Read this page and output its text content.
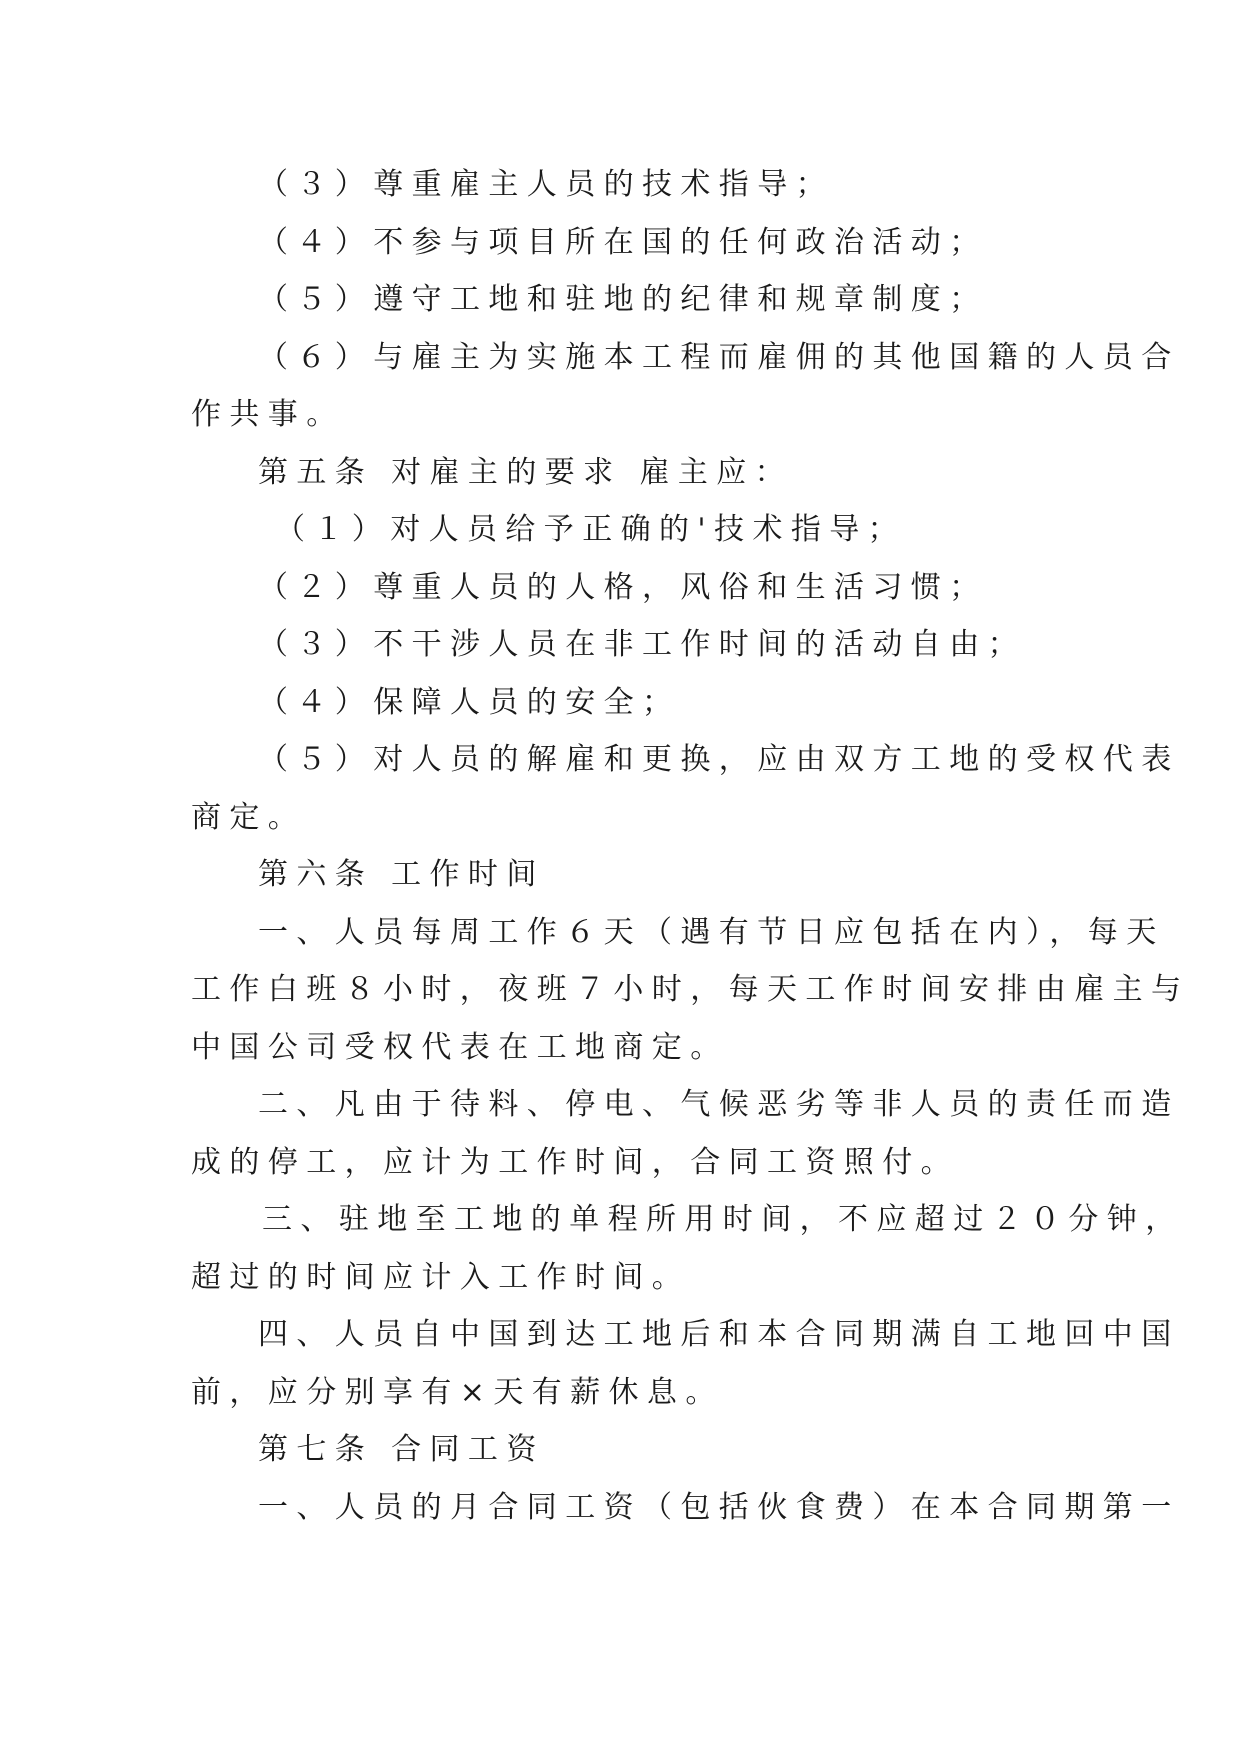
（３）尊重雇主人员的技术指导；
（４）不参与项目所在国的任何政治活动；
（５）遵守工地和驻地的纪律和规章制度；
（６）与雇主为实施本工程而雇佣的其他国籍的人员合
作共事。
第五条 对雇主的要求 雇主应：
（１）对人员给予正确的'技术指导；
（２）尊重人员的人格，风俗和生活习惯；
（３）不干涉人员在非工作时间的活动自由；
（４）保障人员的安全；
（５）对人员的解雇和更换，应由双方工地的受权代表
商定。
第六条 工作时间
一、人员每周工作６天（遇有节日应包括在内），每天
工作白班８小时，夜班７小时，每天工作时间安排由雇主与
中国公司受权代表在工地商定。
二、凡由于待料、停电、气候恶劣等非人员的责任而造
成的停工，应计为工作时间，合同工资照付。
三、驻地至工地的单程所用时间，不应超过２０分钟，
超过的时间应计入工作时间。
四、人员自中国到达工地后和本合同期满自工地回中国
前，应分别享有×天有薪休息。
第七条 合同工资
一、人员的月合同工资（包括伙食费）在本合同期第一
